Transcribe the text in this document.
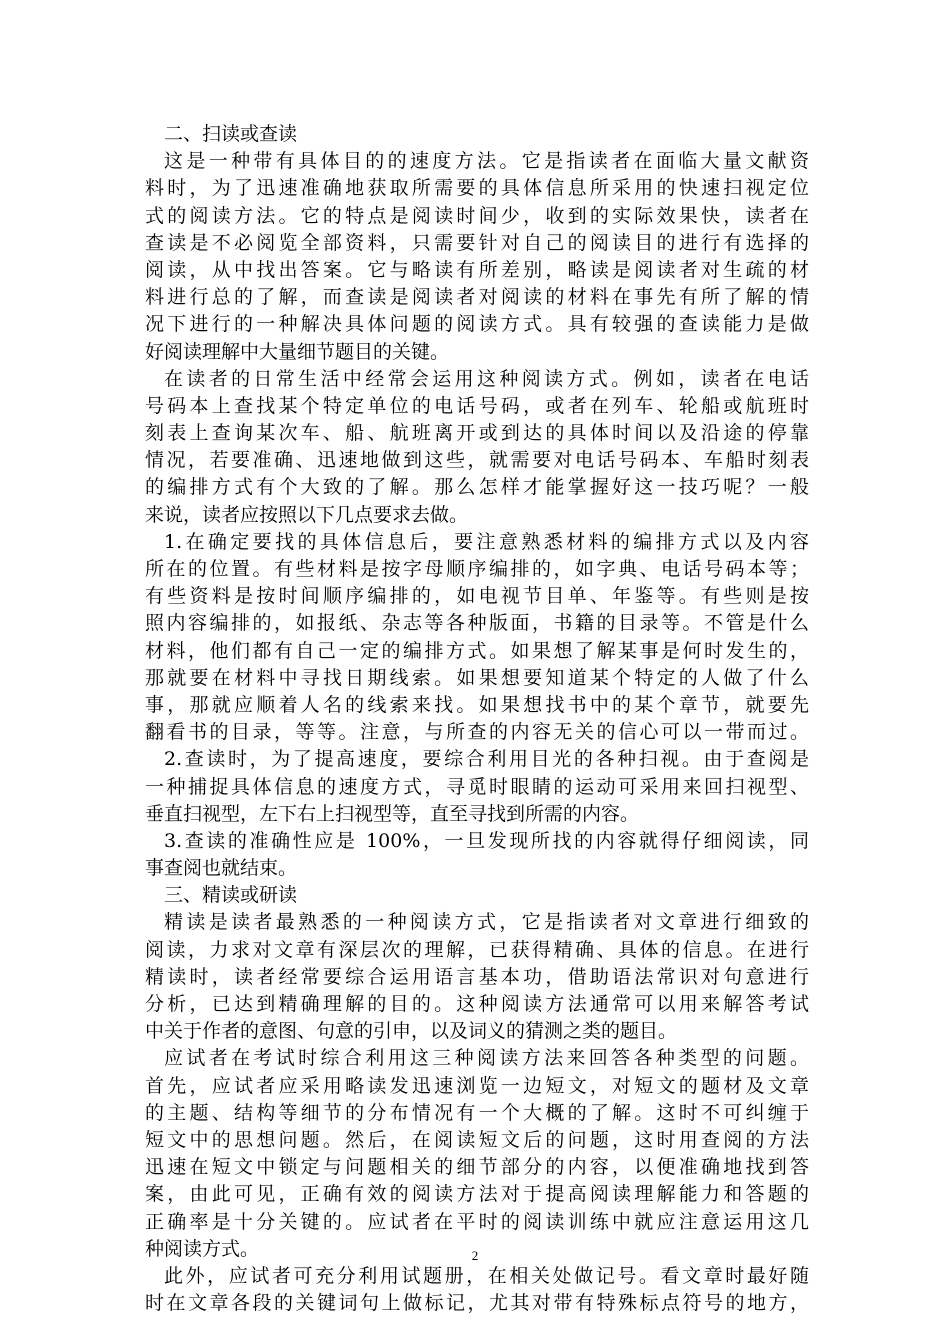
二、扫读或查读
这是一种带有具体目的的速度方法。它是指读者在面临大量文献资
料时，为了迅速准确地获取所需要的具体信息所采用的快速扫视定位
式的阅读方法。它的特点是阅读时间少，收到的实际效果快，读者在
查读是不必阅览全部资料，只需要针对自己的阅读目的进行有选择的
阅读，从中找出答案。它与略读有所差别，略读是阅读者对生疏的材
料进行总的了解，而查读是阅读者对阅读的材料在事先有所了解的情
况下进行的一种解决具体问题的阅读方式。具有较强的查读能力是做
好阅读理解中大量细节题目的关键。
在读者的日常生活中经常会运用这种阅读方式。例如，读者在电话
号码本上查找某个特定单位的电话号码，或者在列车、轮船或航班时
刻表上查询某次车、船、航班离开或到达的具体时间以及沿途的停靠
情况，若要准确、迅速地做到这些，就需要对电话号码本、车船时刻表
的编排方式有个大致的了解。那么怎样才能掌握好这一技巧呢？一般
来说，读者应按照以下几点要求去做。
1.在确定要找的具体信息后，要注意熟悉材料的编排方式以及内容
所在的位置。有些材料是按字母顺序编排的，如字典、电话号码本等；
有些资料是按时间顺序编排的，如电视节目单、年鉴等。有些则是按
照内容编排的，如报纸、杂志等各种版面，书籍的目录等。不管是什么
材料，他们都有自己一定的编排方式。如果想了解某事是何时发生的，
那就要在材料中寻找日期线索。如果想要知道某个特定的人做了什么
事，那就应顺着人名的线索来找。如果想找书中的某个章节，就要先
翻看书的目录，等等。注意，与所查的内容无关的信心可以一带而过。
2.查读时，为了提高速度，要综合利用目光的各种扫视。由于查阅是
一种捕捉具体信息的速度方式，寻觅时眼睛的运动可采用来回扫视型、
垂直扫视型，左下右上扫视型等，直至寻找到所需的内容。
3.查读的准确性应是 100%，一旦发现所找的内容就得仔细阅读，同
事查阅也就结束。
三、精读或研读
精读是读者最熟悉的一种阅读方式，它是指读者对文章进行细致的
阅读，力求对文章有深层次的理解，已获得精确、具体的信息。在进行
精读时，读者经常要综合运用语言基本功，借助语法常识对句意进行
分析，已达到精确理解的目的。这种阅读方法通常可以用来解答考试
中关于作者的意图、句意的引申，以及词义的猜测之类的题目。
应试者在考试时综合利用这三种阅读方法来回答各种类型的问题。
首先，应试者应采用略读发迅速浏览一边短文，对短文的题材及文章
的主题、结构等细节的分布情况有一个大概的了解。这时不可纠缠于
短文中的思想问题。然后，在阅读短文后的问题，这时用查阅的方法
迅速在短文中锁定与问题相关的细节部分的内容，以便准确地找到答
案，由此可见，正确有效的阅读方法对于提高阅读理解能力和答题的
正确率是十分关键的。应试者在平时的阅读训练中就应注意运用这几
种阅读方式。
此外，应试者可充分利用试题册，在相关处做记号。看文章时最好随
时在文章各段的关键词句上做标记，尤其对带有特殊标点符号的地方，
2
